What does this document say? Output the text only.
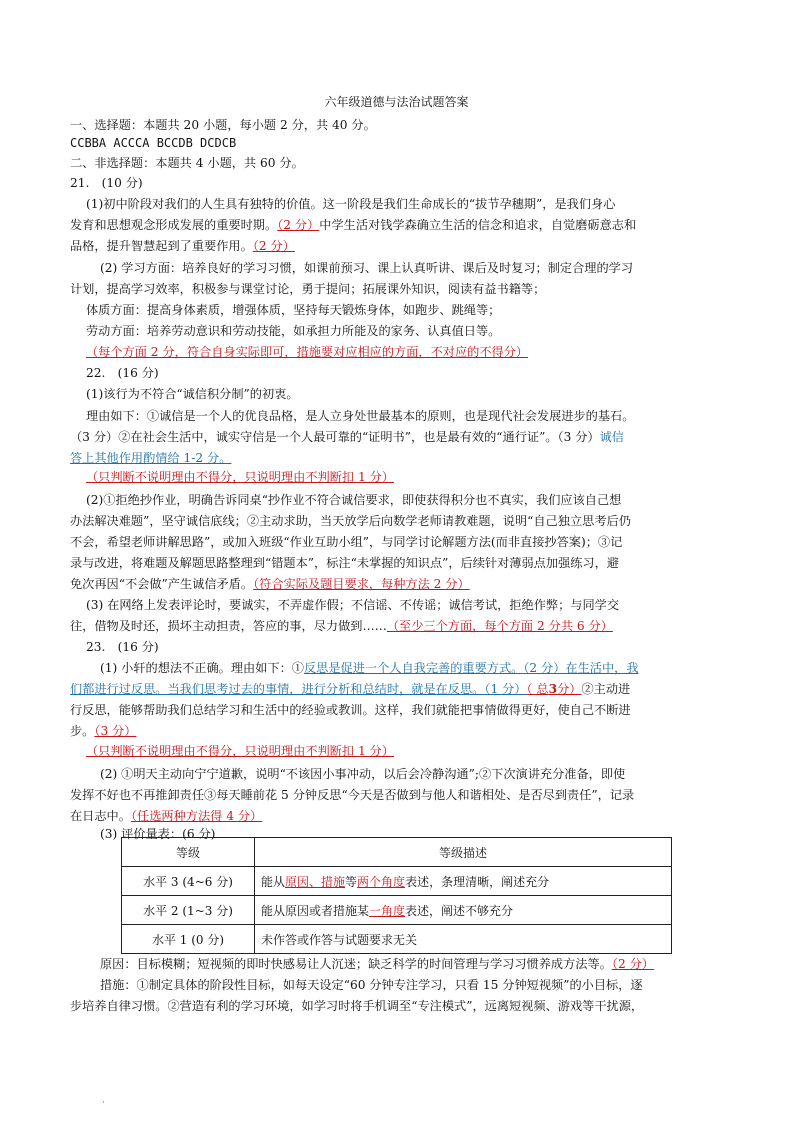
六年级道德与法治试题答案
一、选择题：本题共 20 小题，每小题 2 分，共 40 分。
CCBBA ACCCA BCCDB DCDCB
二、非选择题：本题共 4 小题，共 60 分。
21.　(10 分)
(1)初中阶段对我们的人生具有独特的价值。这一阶段是我们生命成长的“拔节孕穗期”，是我们身心
发育和思想观念形成发展的重要时期。（2 分）中学生活对钱学森确立生活的信念和追求，自觉磨砺意志和
品格，提升智慧起到了重要作用。（2 分）
(2) 学习方面：培养良好的学习习惯，如课前预习、课上认真听讲、课后及时复习；制定合理的学习
计划，提高学习效率，积极参与课堂讨论，勇于提问；拓展课外知识，阅读有益书籍等；
体质方面：提高身体素质，增强体质，坚持每天锻炼身体，如跑步、跳绳等；
劳动方面：培养劳动意识和劳动技能，如承担力所能及的家务、认真值日等。
（每个方面 2 分，符合自身实际即可，措施要对应相应的方面，不对应的不得分）
22.　(16 分)
(1)该行为不符合“诚信积分制”的初衷。
理由如下：①诚信是一个人的优良品格，是人立身处世最基本的原则，也是现代社会发展进步的基石。
（3 分）②在社会生活中，诚实守信是一个人最可靠的“证明书”，也是最有效的“通行证”。（3 分）诚信
答上其他作用酌情给 1-2 分。
（只判断不说明理由不得分，只说明理由不判断扣 1 分）
(2)①拒绝抄作业，明确告诉同桌“抄作业不符合诚信要求，即使获得积分也不真实，我们应该自己想
办法解决难题”，坚守诚信底线；②主动求助，当天放学后向数学老师请教难题，说明“自己独立思考后仍
不会，希望老师讲解思路”，或加入班级“作业互助小组”，与同学讨论解题方法(而非直接抄答案)；③记
录与改进，将难题及解题思路整理到“错题本”，标注“未掌握的知识点”，后续针对薄弱点加强练习，避
免次再因“不会做”产生诚信矛盾。（符合实际及题目要求，每种方法 2 分）
(3) 在网络上发表评论时，要诚实，不弄虚作假；不信谣、不传谣；诚信考试，拒绝作弊；与同学交
往，借物及时还，损坏主动担责，答应的事，尽力做到……（至少三个方面，每个方面 2 分共 6 分）
23.　(16 分)
(1) 小轩的想法不正确。理由如下：①反思是促进一个人自我完善的重要方式。（2 分）在生活中，我
们都进行过反思。当我们思考过去的事情，进行分析和总结时，就是在反思。（1 分）（ 总3分）②主动进
行反思，能够帮助我们总结学习和生活中的经验或教训。这样，我们就能把事情做得更好，使自己不断进
步。（3 分）
（只判断不说明理由不得分，只说明理由不判断扣 1 分）
(2) ①明天主动向宁宁道歉，说明“不该因小事冲动，以后会冷静沟通”;②下次演讲充分准备，即使
发挥不好也不再推卸责任③每天睡前花 5 分钟反思“今天是否做到与他人和谐相处、是否尽到责任”，记录
在日志中。（任选两种方法得 4 分）
(3) 评价量表：(6 分)
等级	等级描述
水平 3 (4~6 分)	能从原因、措施等两个角度表述，条理清晰，阐述充分
水平 2 (1~3 分)	能从原因或者措施某一角度表述，阐述不够充分
水平 1 (0 分)	未作答或作答与试题要求无关
原因：目标模糊；短视频的即时快感易让人沉迷；缺乏科学的时间管理与学习习惯养成方法等。（2 分）
措施：①制定具体的阶段性目标，如每天设定“60 分钟专注学习，只看 15 分钟短视频”的小目标，逐
步培养自律习惯。②营造有利的学习环境，如学习时将手机调至“专注模式”，远离短视频、游戏等干扰源，
·
